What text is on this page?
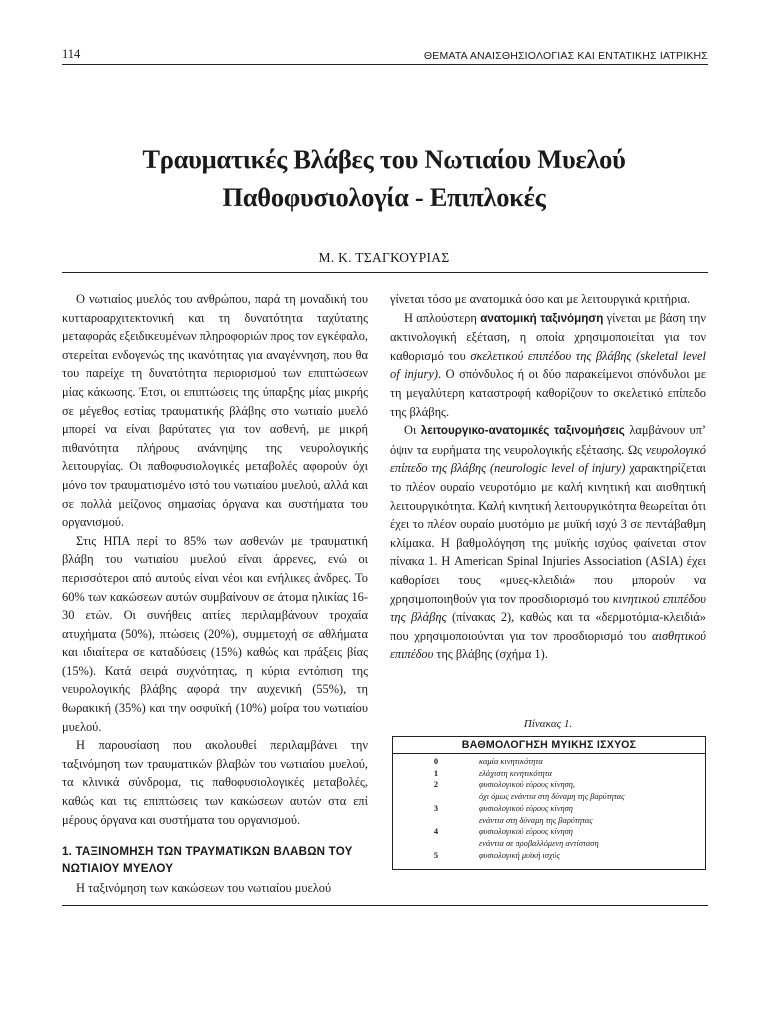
114	ΘΕΜΑΤΑ ΑΝΑΙΣΘΗΣΙΟΛΟΓΙΑΣ ΚΑΙ ΕΝΤΑΤΙΚΗΣ ΙΑΤΡΙΚΗΣ
Τραυματικές Βλάβες του Νωτιαίου Μυελού
Παθοφυσιολογία - Επιπλοκές
Μ. Κ. ΤΣΑΓΚΟΥΡΙΑΣ

Ο νωτιαίος μυελός του ανθρώπου, παρά τη μοναδική του κυτταροαρχιτεκτονική και τη δυνατότητα ταχύτατης μεταφοράς εξειδικευμένων πληροφοριών προς τον εγκέφαλο, στερείται ενδογενώς της ικανότητας για αναγέννηση, που θα του παρείχε τη δυνατότητα περιορισμού των επιπτώσεων μίας κάκωσης. Έτσι, οι επιπτώσεις της ύπαρξης μίας μικρής σε μέγεθος εστίας τραυματικής βλάβης στο νωτιαίο μυελό μπορεί να είναι βαρύτατες για τον ασθενή, με μικρή πιθανότητα πλήρους ανάνηψης της νευρολογικής λειτουργίας. Οι παθοφυσιολογικές μεταβολές αφορούν όχι μόνο τον τραυματισμένο ιστό του νωτιαίου μυελού, αλλά και σε πολλά μείζονος σημασίας όργανα και συστήματα του οργανισμού.

Στις ΗΠΑ περί το 85% των ασθενών με τραυματική βλάβη του νωτιαίου μυελού είναι άρρενες, ενώ οι περισσότεροι από αυτούς είναι νέοι και ενήλικες άνδρες. Το 60% των κακώσεων αυτών συμβαίνουν σε άτομα ηλικίας 16-30 ετών. Οι συνήθεις αιτίες περιλαμβάνουν τροχαία ατυχήματα (50%), πτώσεις (20%), συμμετοχή σε αθλήματα και ιδιαίτερα σε καταδύσεις (15%) καθώς και πράξεις βίας (15%). Κατά σειρά συχνότητας, η κύρια εντόπιση της νευρολογικής βλάβης αφορά την αυχενική (55%), τη θωρακική (35%) και την οσφυϊκή (10%) μοίρα του νωτιαίου μυελού.

Η παρουσίαση που ακολουθεί περιλαμβάνει την ταξινόμηση των τραυματικών βλαβών του νωτιαίου μυελού, τα κλινικά σύνδρομα, τις παθοφυσιολογικές μεταβολές, καθώς και τις επιπτώσεις των κακώσεων αυτών στα επί μέρους όργανα και συστήματα του οργανισμού.

1. ΤΑΞΙΝΟΜΗΣΗ ΤΩΝ ΤΡΑΥΜΑΤΙΚΩΝ ΒΛΑΒΩΝ ΤΟΥ ΝΩΤΙΑΙΟΥ ΜΥΕΛΟΥ

Η ταξινόμηση των κακώσεων του νωτιαίου μυελού

γίνεται τόσο με ανατομικά όσο και με λειτουργικά κριτήρια.

Η απλούστερη ανατομική ταξινόμηση γίνεται με βάση την ακτινολογική εξέταση, η οποία χρησιμοποιείται για τον καθορισμό του σκελετικού επιπέδου της βλάβης (skeletal level of injury). Ο σπόνδυλος ή οι δύο παρακείμενοι σπόνδυλοι με τη μεγαλύτερη καταστροφή καθορίζουν το σκελετικό επίπεδο της βλάβης.

Οι λειτουργικο-ανατομικές ταξινομήσεις λαμβάνουν υπ’ όψιν τα ευρήματα της νευρολογικής εξέτασης. Ως νευρολογικό επίπεδο της βλάβης (neurologic level of injury) χαρακτηρίζεται το πλέον ουραίο νευροτόμιο με καλή κινητική και αισθητική λειτουργικότητα. Καλή κινητική λειτουργικότητα θεωρείται ότι έχει το πλέον ουραίο μυοτόμιο με μυϊκή ισχύ 3 σε πεντάβαθμη κλίμακα. Η βαθμολόγηση της μυϊκής ισχύος φαίνεται στον πίνακα 1. Η American Spinal Injuries Association (ASIA) έχει καθορίσει τους «μυες-κλειδιά» που μπορούν να χρησιμοποιηθούν για τον προσδιορισμό του κινητικού επιπέδου της βλάβης (πίνακας 2), καθώς και τα «δερμοτόμια-κλειδιά» που χρησιμοποιούνται για τον προσδιορισμό του αισθητικού επιπέδου της βλάβης (σχήμα 1).

Πίνακας 1.
ΒΑΘΜΟΛΟΓΗΣΗ ΜΥΙΚΗΣ ΙΣΧΥΟΣ
0	καμία κινητικότητα
1	ελάχιστη κινητικότητα
2	φυσιολογικού εύρους κίνηση,
όχι όμως ενάντια στη δύναμη της βαρύτητας
3	φυσιολογικού εύρους κίνηση
ενάντια στη δύναμη της βαρύτητας
4	φυσιολογικού εύρους κίνηση
ενάντια σε προβαλλόμενη αντίσταση
5	φυσιολογική μυϊκή ισχύς
